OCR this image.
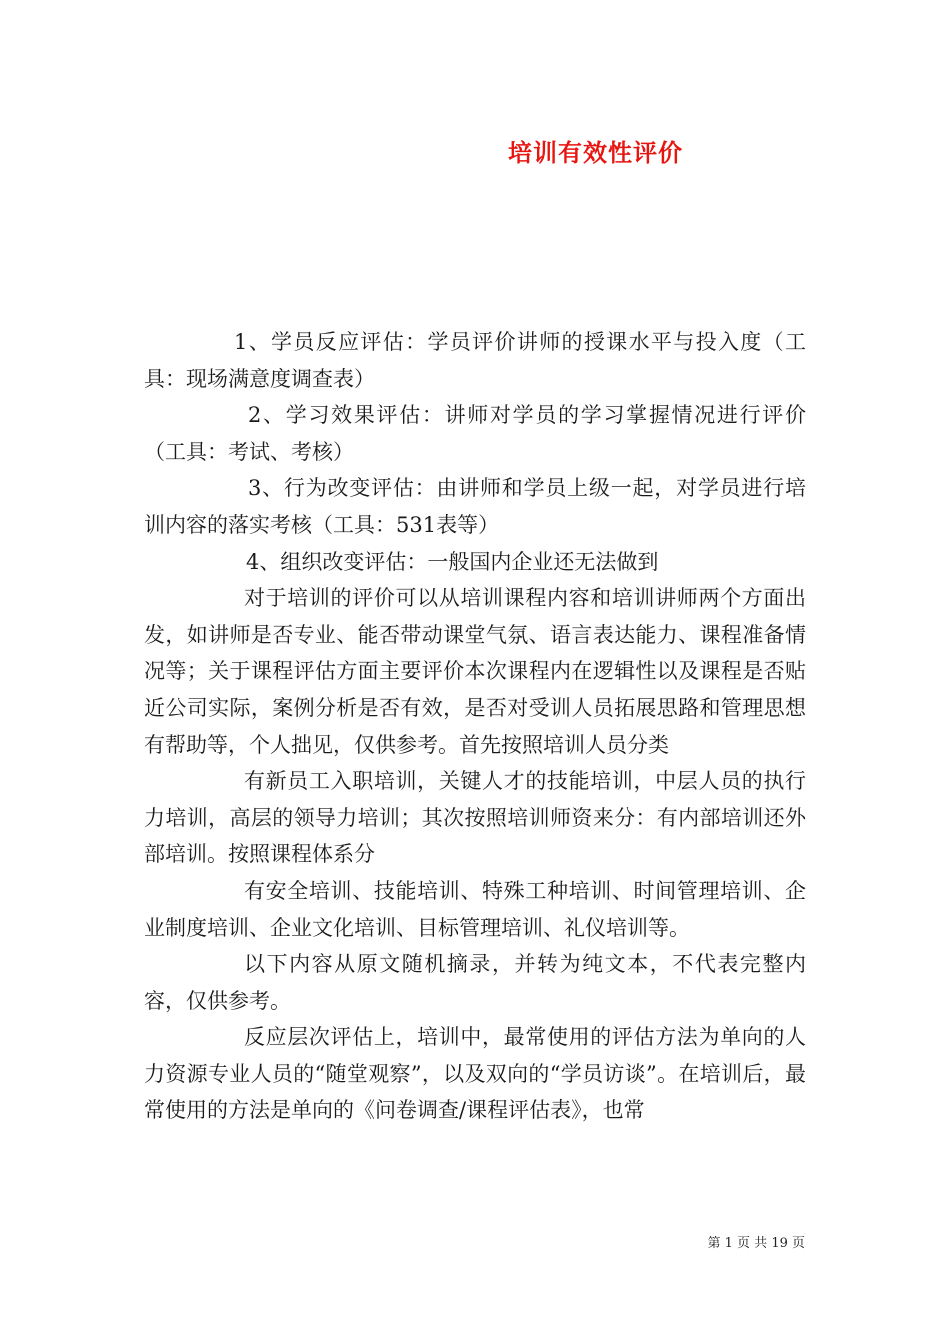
培训有效性评价

1、学员反应评估：学员评价讲师的授课水平与投入度（工具：现场满意度调查表）

2、学习效果评估：讲师对学员的学习掌握情况进行评价（工具：考试、考核）

3、行为改变评估：由讲师和学员上级一起，对学员进行培训内容的落实考核（工具：531表等）

4、组织改变评估：一般国内企业还无法做到

对于培训的评价可以从培训课程内容和培训讲师两个方面出发，如讲师是否专业、能否带动课堂气氛、语言表达能力、课程准备情况等；关于课程评估方面主要评价本次课程内在逻辑性以及课程是否贴近公司实际，案例分析是否有效，是否对受训人员拓展思路和管理思想有帮助等，个人拙见，仅供参考。首先按照培训人员分类

有新员工入职培训，关键人才的技能培训，中层人员的执行力培训，高层的领导力培训；其次按照培训师资来分：有内部培训还外部培训。按照课程体系分

有安全培训、技能培训、特殊工种培训、时间管理培训、企业制度培训、企业文化培训、目标管理培训、礼仪培训等。

以下内容从原文随机摘录，并转为纯文本，不代表完整内容，仅供参考。

反应层次评估上，培训中，最常使用的评估方法为单向的人力资源专业人员的“随堂观察”，以及双向的“学员访谈”。在培训后，最常使用的方法是单向的《问卷调查/课程评估表》，也常

第 1 页 共 19 页
